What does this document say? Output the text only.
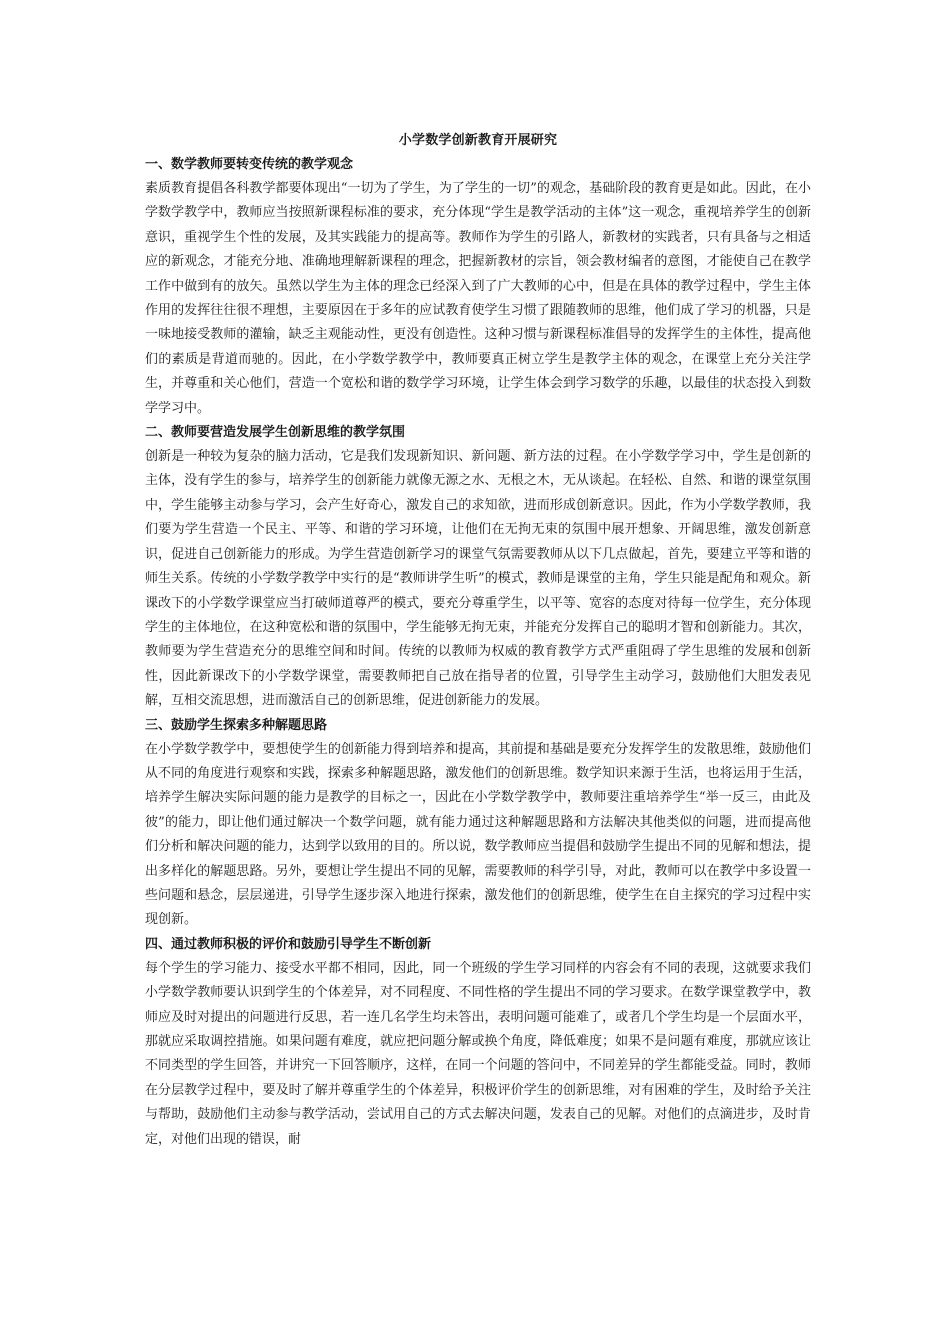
小学数学创新教育开展研究
一、数学教师要转变传统的教学观念

素质教育提倡各科教学都要体现出“一切为了学生，为了学生的一切”的观念，基础阶段的教育更是如此。因此，在小学数学教学中，教师应当按照新课程标准的要求，充分体现“学生是教学活动的主体”这一观念，重视培养学生的创新意识，重视学生个性的发展，及其实践能力的提高等。教师作为学生的引路人，新教材的实践者，只有具备与之相适应的新观念，才能充分地、准确地理解新课程的理念，把握新教材的宗旨，领会教材编者的意图，才能使自己在教学工作中做到有的放矢。虽然以学生为主体的理念已经深入到了广大教师的心中，但是在具体的教学过程中，学生主体作用的发挥往往很不理想，主要原因在于多年的应试教育使学生习惯了跟随教师的思维，他们成了学习的机器，只是一味地接受教师的灌输，缺乏主观能动性，更没有创造性。这种习惯与新课程标准倡导的发挥学生的主体性，提高他们的素质是背道而驰的。因此，在小学数学教学中，教师要真正树立学生是教学主体的观念，在课堂上充分关注学生，并尊重和关心他们，营造一个宽松和谐的数学学习环境，让学生体会到学习数学的乐趣，以最佳的状态投入到数学学习中。

二、教师要营造发展学生创新思维的教学氛围

创新是一种较为复杂的脑力活动，它是我们发现新知识、新问题、新方法的过程。在小学数学学习中，学生是创新的主体，没有学生的参与，培养学生的创新能力就像无源之水、无根之木，无从谈起。在轻松、自然、和谐的课堂氛围中，学生能够主动参与学习，会产生好奇心，激发自己的求知欲，进而形成创新意识。因此，作为小学数学教师，我们要为学生营造一个民主、平等、和谐的学习环境，让他们在无拘无束的氛围中展开想象、开阔思维，激发创新意识，促进自己创新能力的形成。为学生营造创新学习的课堂气氛需要教师从以下几点做起，首先，要建立平等和谐的师生关系。传统的小学数学教学中实行的是“教师讲学生听”的模式，教师是课堂的主角，学生只能是配角和观众。新课改下的小学数学课堂应当打破师道尊严的模式，要充分尊重学生，以平等、宽容的态度对待每一位学生，充分体现学生的主体地位，在这种宽松和谐的氛围中，学生能够无拘无束，并能充分发挥自己的聪明才智和创新能力。其次，教师要为学生营造充分的思维空间和时间。传统的以教师为权威的教育教学方式严重阻碍了学生思维的发展和创新性，因此新课改下的小学数学课堂，需要教师把自己放在指导者的位置，引导学生主动学习，鼓励他们大胆发表见解，互相交流思想，进而激活自己的创新思维，促进创新能力的发展。

三、鼓励学生探索多种解题思路

在小学数学教学中，要想使学生的创新能力得到培养和提高，其前提和基础是要充分发挥学生的发散思维，鼓励他们从不同的角度进行观察和实践，探索多种解题思路，激发他们的创新思维。数学知识来源于生活，也将运用于生活，培养学生解决实际问题的能力是教学的目标之一，因此在小学数学教学中，教师要注重培养学生“举一反三，由此及彼”的能力，即让他们通过解决一个数学问题，就有能力通过这种解题思路和方法解决其他类似的问题，进而提高他们分析和解决问题的能力，达到学以致用的目的。所以说，数学教师应当提倡和鼓励学生提出不同的见解和想法，提出多样化的解题思路。另外，要想让学生提出不同的见解，需要教师的科学引导，对此，教师可以在教学中多设置一些问题和悬念，层层递进，引导学生逐步深入地进行探索，激发他们的创新思维，使学生在自主探究的学习过程中实现创新。

四、通过教师积极的评价和鼓励引导学生不断创新

每个学生的学习能力、接受水平都不相同，因此，同一个班级的学生学习同样的内容会有不同的表现，这就要求我们小学数学教师要认识到学生的个体差异，对不同程度、不同性格的学生提出不同的学习要求。在数学课堂教学中，教师应及时对提出的问题进行反思，若一连几名学生均未答出，表明问题可能难了，或者几个学生均是一个层面水平，那就应采取调控措施。如果问题有难度，就应把问题分解或换个角度，降低难度；如果不是问题有难度，那就应该让不同类型的学生回答，并讲究一下回答顺序，这样，在同一个问题的答问中，不同差异的学生都能受益。同时，教师在分层教学过程中，要及时了解并尊重学生的个体差异，积极评价学生的创新思维，对有困难的学生，及时给予关注与帮助，鼓励他们主动参与教学活动，尝试用自己的方式去解决问题，发表自己的见解。对他们的点滴进步，及时肯定，对他们出现的错误，耐
